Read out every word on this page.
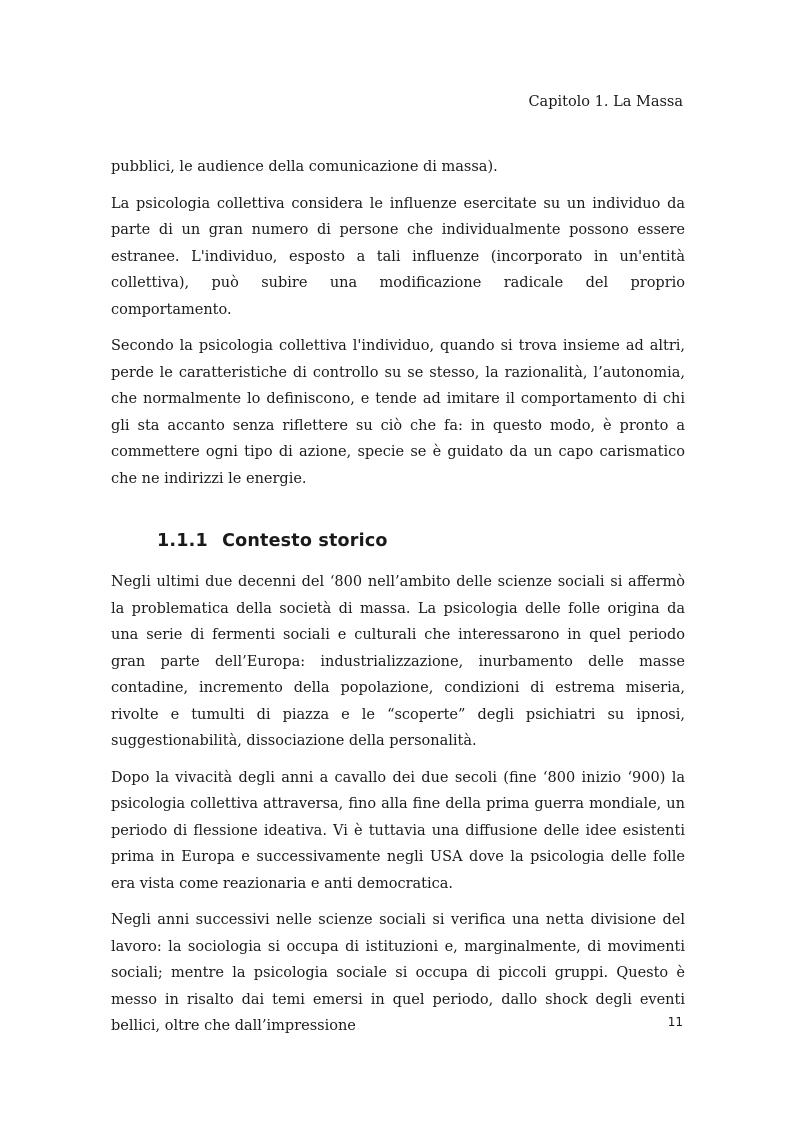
Capitolo 1. La Massa

pubblici, le audience della comunicazione di massa).

La psicologia collettiva considera le influenze esercitate su un individuo da parte di un gran numero di persone che individualmente possono essere estranee. L'individuo, esposto a tali influenze (incorporato in un'entità collettiva), può subire una modificazione radicale del proprio comportamento.

Secondo la psicologia collettiva l'individuo, quando si trova insieme ad altri, perde le caratteristiche di controllo su se stesso, la razionalità, l’autonomia, che normalmente lo definiscono, e tende ad imitare il comportamento di chi gli sta accanto senza riflettere su ciò che fa: in questo modo, è pronto a commettere ogni tipo di azione, specie se è guidato da un capo carismatico che ne indirizzi le energie.

1.1.1 Contesto storico

Negli ultimi due decenni del ‘800 nell’ambito delle scienze sociali si affermò la problematica della società di massa. La psicologia delle folle origina da una serie di fermenti sociali e culturali che interessarono in quel periodo gran parte dell’Europa: industrializzazione, inurbamento delle masse contadine, incremento della popolazione, condizioni di estrema miseria, rivolte e tumulti di piazza e le “scoperte” degli psichiatri su ipnosi, suggestionabilità, dissociazione della personalità.

Dopo la vivacità degli anni a cavallo dei due secoli (fine ‘800 inizio ‘900) la psicologia collettiva attraversa, fino alla fine della prima guerra mondiale, un periodo di flessione ideativa. Vi è tuttavia una diffusione delle idee esistenti prima in Europa e successivamente negli USA dove la psicologia delle folle era vista come reazionaria e anti democratica.

Negli anni successivi nelle scienze sociali si verifica una netta divisione del lavoro: la sociologia si occupa di istituzioni e, marginalmente, di movimenti sociali; mentre la psicologia sociale si occupa di piccoli gruppi. Questo è messo in risalto dai temi emersi in quel periodo, dallo shock degli eventi bellici, oltre che dall’impressione	11
